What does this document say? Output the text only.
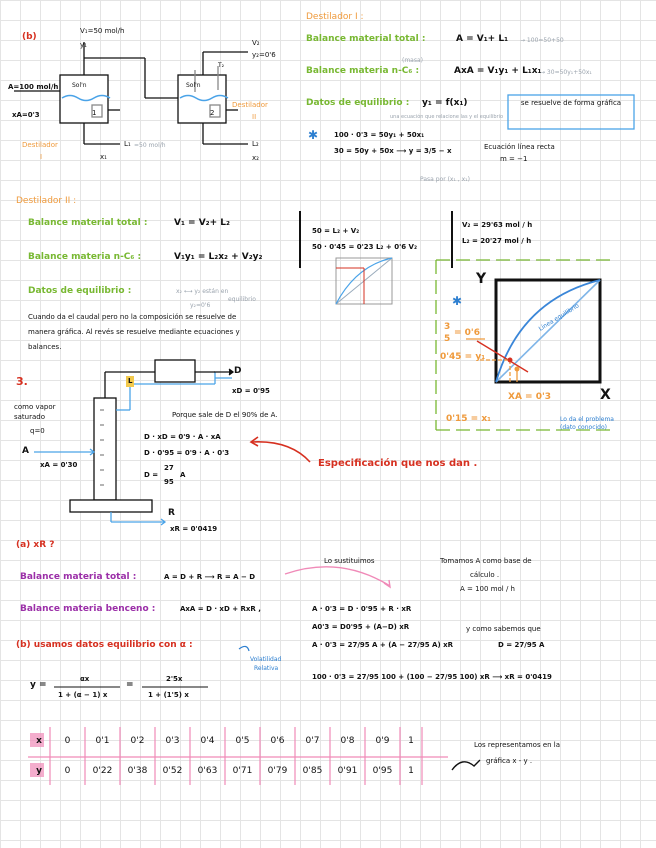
(b)
V₁=50 mol/h
y₁	V₂
y₂=0'6
A=100 mol/h
xA=0'3
Sol'n	Sol'n
T₂
2
1
Destilador
I
Destilador
II
L₁ =50 mol/h
x₁
L₂
x₂
Destilador I :
Balance material total :	A = V₁+ L₁ → 100=50+50
(masa)
Balance materia n-C₆ :	AxA = V₁y₁ + L₁x₁
→ 30=50y₁+50x₁
Datos de equilibrio : y₁ = f(x₁)
una ecuación que relacione las y el equilibrio
se resuelve de forma gráfica
✱ 100 · 0'3 = 50y₁ + 50x₁
30 = 50y + 50x ⟶ y = 3/5 − x	Ecuación línea recta
m = −1
Pasa por (x₁ , x₁)
Destilador II :
Balance material total :	V₁ = V₂+ L₂
Balance materia n-C₆ :	V₁y₁ = L₂x₂ + V₂y₂
Datos de equilibrio :	x₂ ⟷ y₂ están en
equilibrio
y₂=0'6
50 = L₂ + V₂
50 · 0'45 = 0'23 L₂ + 0'6 V₂
V₂ = 29'63 mol / h
L₂ = 20'27 mol / h
Cuando da el caudal pero no la composición se resuelve de
manera gráfica. Al revés se resuelve mediante ecuaciones y
balances.
Y
X
Línea equilibrio
✱
3
5
= 0'6
0'45 = y₁
XA = 0'3
0'15 = x₁	Lo da el problema (dato conocido)
3.
D
xD = 0'95
L
como vapor
saturado
q=0
A
xA = 0'30
Porque sale de D el 90% de A.
D · xD = 0'9 · A · xA
D · 0'95 = 0'9 · A · 0'3
D =
27
95
A
Especificación que nos dan .
R
xR = 0'0419
(a) xR ?
Lo sustituimos	Tomamos A como base de
cálculo .
A = 100 mol / h
Balance materia total :	A = D + R ⟶ R = A − D
Balance materia benceno :	AxA = D · xD + RxR ,	A · 0'3 = D · 0'95 + R · xR
A0'3 = D0'95 + (A−D) xR	y como sabemos que
D = 27/95 A
A · 0'3 = 27/95 A + (A − 27/95 A) xR
100 · 0'3 = 27/95 100 + (100 − 27/95 100) xR ⟶ xR = 0'0419
(b) usamos datos equilibrio con α :
Volatilidad
Relativa
y =
αx
1 + (α − 1) x
=
2'5x
1 + (1'5) x
Los representamos en la
gráfica x - y .
x
y
0	0'1	0'2	0'3	0'4	0'5	0'6	0'7	0'8	0'9	1
0	0'22	0'38	0'52	0'63	0'71	0'79	0'85	0'91	0'95	1
